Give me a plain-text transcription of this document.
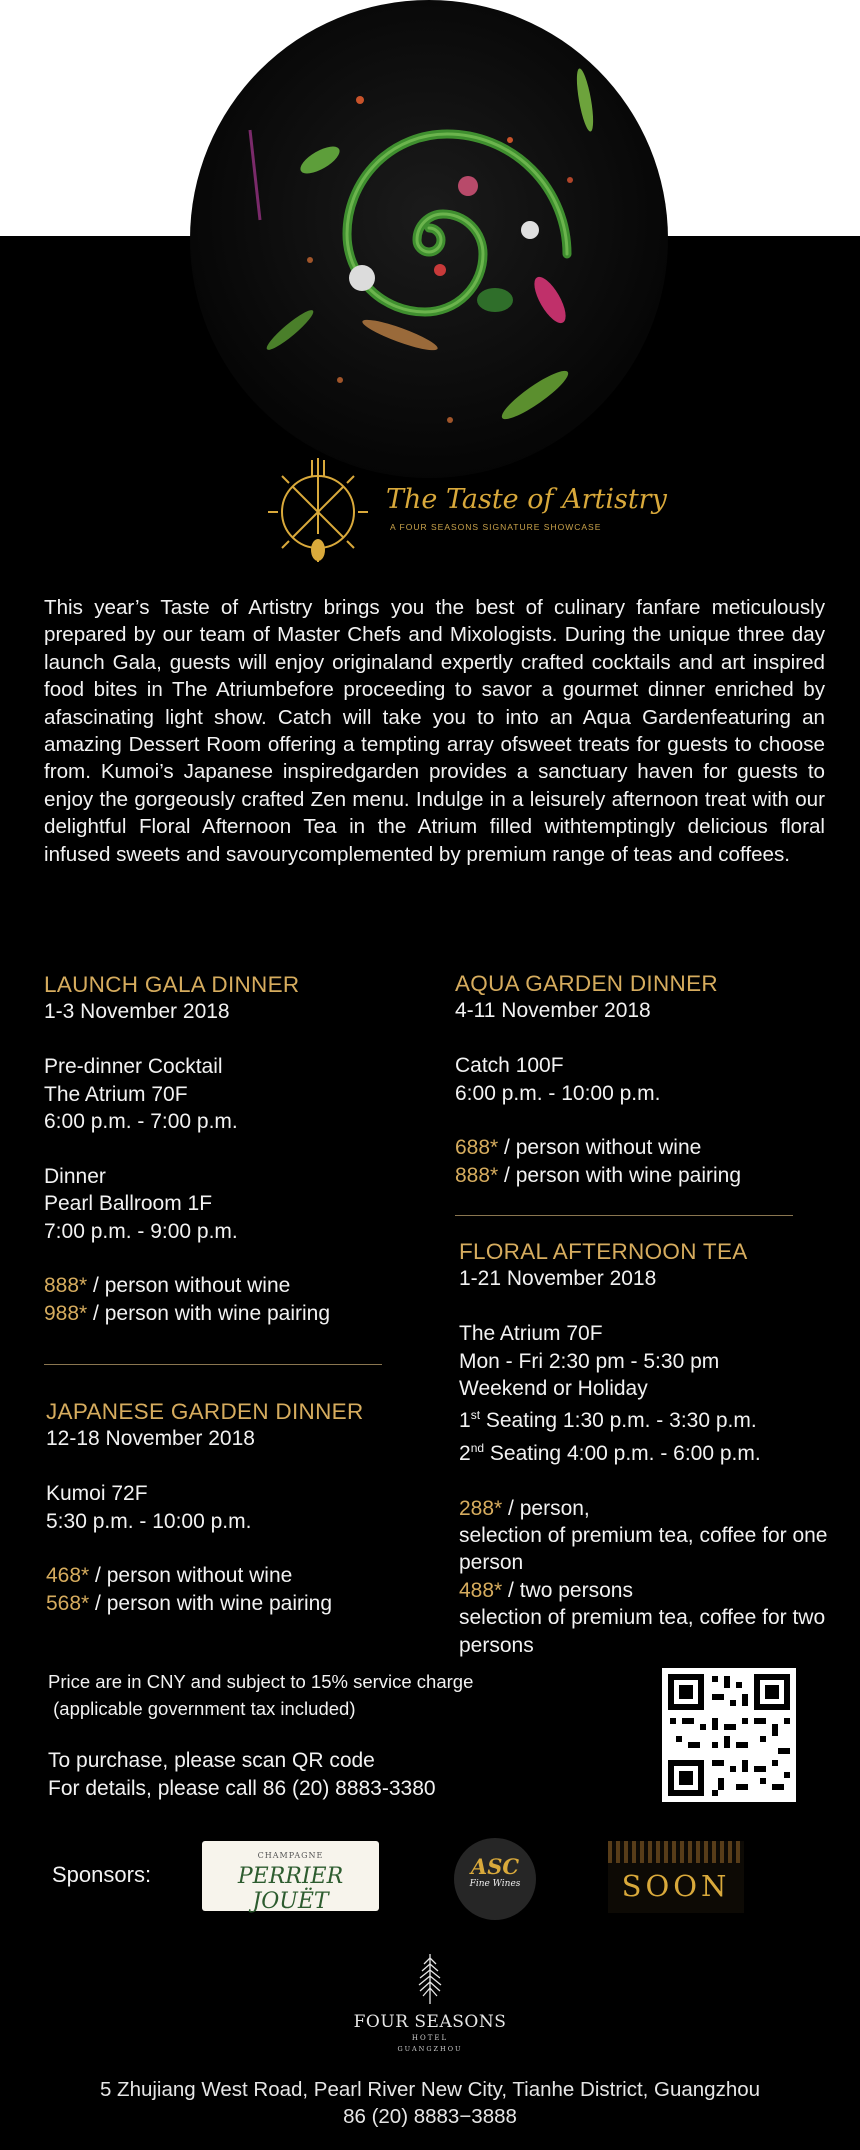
The Taste of Artistry
A FOUR SEASONS SIGNATURE SHOWCASE
This year’s Taste of Artistry brings you the best of culinary fanfare meticulously prepared by our team of Master Chefs and Mixologists. During the unique three day launch Gala, guests will enjoy originaland expertly crafted cocktails and art inspired food bites in The Atriumbefore proceeding to savor a gourmet dinner enriched by afascinating light show. Catch will take you to into an Aqua Gardenfeaturing an amazing Dessert Room offering a tempting array ofsweet treats for guests to choose from. Kumoi’s Japanese inspiredgarden provides a sanctuary haven for guests to enjoy the gorgeously crafted Zen menu. Indulge in a leisurely afternoon treat with our delightful Floral Afternoon Tea in the Atrium filled withtemptingly delicious floral infused sweets and savourycomplemented by premium range of teas and coffees.

LAUNCH GALA DINNER

1-3 November 2018

Pre-dinner Cocktail

The Atrium 70F

6:00 p.m. - 7:00 p.m.

Dinner

Pearl Ballroom 1F

7:00 p.m. - 9:00 p.m.

888* / person without wine

988* / person with wine pairing

JAPANESE GARDEN DINNER

12-18 November 2018

Kumoi 72F

5:30 p.m. - 10:00 p.m.

468* / person without wine

568* / person with wine pairing

AQUA GARDEN DINNER

4-11 November 2018

Catch 100F

6:00 p.m. - 10:00 p.m.

688* / person without wine

888* / person with wine pairing

FLORAL AFTERNOON TEA

1-21 November 2018

The Atrium 70F

Mon - Fri 2:30 pm - 5:30 pm

Weekend or Holiday

1st Seating 1:30 p.m. - 3:30 p.m.

2nd Seating 4:00 p.m. - 6:00 p.m.

288* / person,

selection of premium tea, coffee for one person

488* / two persons

selection of premium tea, coffee for two persons

Price are in CNY and subject to 15% service charge
(applicable government tax included)
To purchase, please scan QR code
For details, please call 86 (20) 8883-3380
Sponsors:
CHAMPAGNE
PERRIER JOUËT
ASC
Fine Wines	SOON
FOUR SEASONS
HOTEL
GUANGZHOU
5 Zhujiang West Road, Pearl River New City, Tianhe District, Guangzhou
86 (20) 8883−3888
